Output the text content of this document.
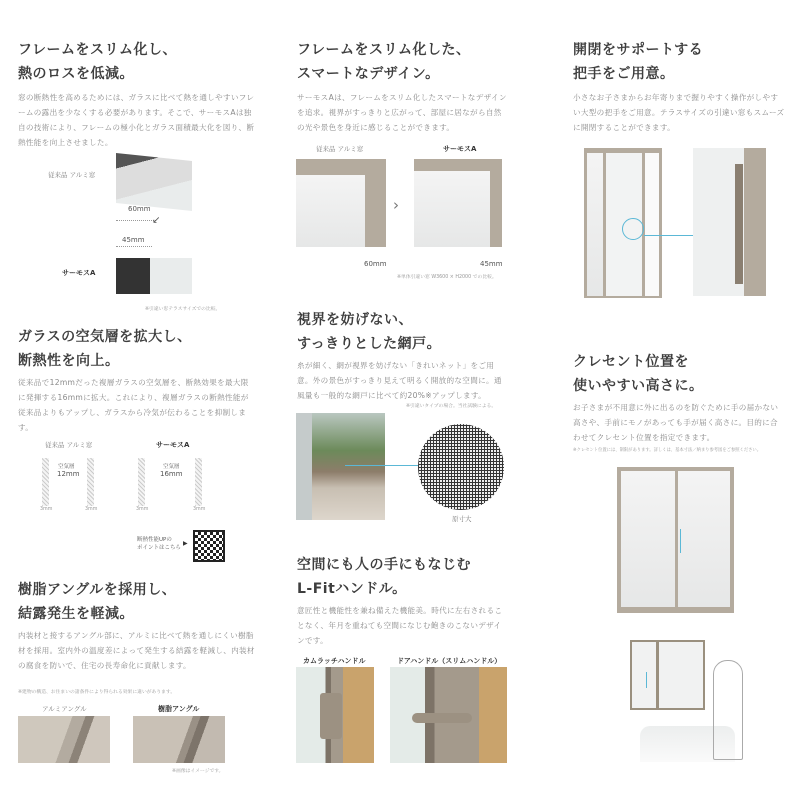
フレームをスリム化し、
熱のロスを低減。
窓の断熱性を高めるためには、ガラスに比べて熱を通しやすいフレームの露出を少なくする必要があります。そこで、サーモスAは独自の技術により、フレームの極小化とガラス面積最大化を図り、断熱性能を向上させました。
従来品 アルミ窓
60mm
↙
45mm
サーモスA
※引違い窓テラスサイズでの比較。
ガラスの空気層を拡大し、
断熱性を向上。
従来品で12mmだった複層ガラスの空気層を、断熱効果を最大限に発揮する16mmに拡大。これにより、複層ガラスの断熱性能が従来品よりもアップし、ガラスから冷気が伝わることを抑制します。
従来品 アルミ窓	サーモスA
空気層
12mm
3mm	3mm
空気層
16mm
3mm	3mm
断熱性能UPの
ポイントはこちら
▶
樹脂アングルを採用し、
結露発生を軽減。
内装材と接するアングル部に、アルミに比べて熱を通しにくい樹脂材を採用。室内外の温度差によって発生する結露を軽減し、内装材の腐食を防いで、住宅の長寿命化に貢献します。
※建物の構造、お住まいの諸条件により得られる効果に違いがあります。
アルミアングル	樹脂アングル
※画像はイメージです。
フレームをスリム化した、
スマートなデザイン。
サーモスAは、フレームをスリム化したスマートなデザインを追求。視界がすっきりと広がって、部屋に居ながら自然の光や景色を身近に感じることができます。
従来品 アルミ窓	サーモスA
›
60mm	45mm
※単体引違い窓 W3600 × H2000 での比較。
視界を妨げない、
すっきりとした網戸。
糸が細く、網が視界を妨げない「きれいネット」をご用意。外の景色がすっきり見えて明るく開放的な空間に。通風量も一般的な網戸に比べて約20%※アップします。
※引違いタイプの場合。当社試験による。
原寸大
空間にも人の手にもなじむ
L-Fitハンドル。
意匠性と機能性を兼ね備えた機能美。時代に左右されることなく、年月を重ねても空間になじむ飽きのこないデザインです。
カムラッチハンドル	ドアハンドル（スリムハンドル）
開閉をサポートする
把手をご用意。
小さなお子さまからお年寄りまで握りやすく操作がしやすい大型の把手をご用意。テラスサイズの引違い窓もスムーズに開閉することができます。
クレセント位置を
使いやすい高さに。
お子さまが不用意に外に出るのを防ぐために手の届かない高さや、手前にモノがあっても手が届く高さに。目的に合わせてクレセント位置を指定できます。
※クレセント位置には、制限があります。詳しくは、基本寸法／納まり参考図をご参照ください。
